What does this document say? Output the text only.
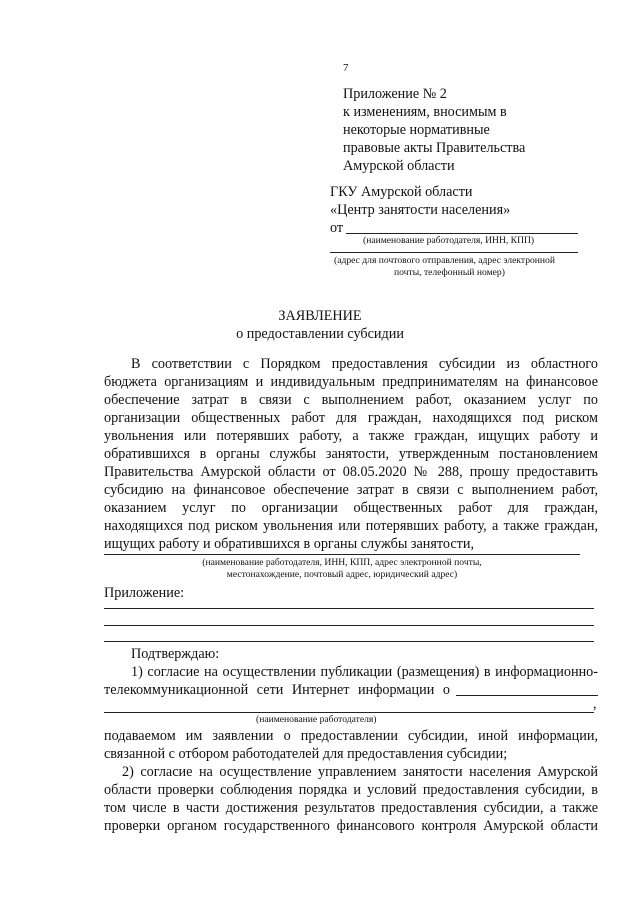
7
Приложение № 2
к изменениям, вносимым в
некоторые нормативные
правовые акты Правительства
Амурской области
ГКУ Амурской области
«Центр занятости населения»
от
(наименование работодателя, ИНН, КПП)
(адрес для почтового отправления, адрес электронной
почты, телефонный номер)
ЗАЯВЛЕНИЕ
о предоставлении субсидии
В соответствии с Порядком предоставления субсидии из областного
бюджета организациям и индивидуальным предпринимателям на финансовое
обеспечение затрат в связи с выполнением работ, оказанием услуг по
организации общественных работ для граждан, находящихся под риском
увольнения или потерявших работу, а также граждан, ищущих работу и
обратившихся в органы службы занятости, утвержденным постановлением
Правительства Амурской области от 08.05.2020 № 288, прошу предоставить
субсидию на финансовое обеспечение затрат в связи с выполнением работ,
оказанием услуг по организации общественных работ для граждан,
находящихся под риском увольнения или потерявших работу, а также граждан,
ищущих работу и обратившихся в органы службы занятости,
(наименование работодателя, ИНН, КПП, адрес электронной почты,
местонахождение, почтовый адрес, юридический адрес)
Приложение:
Подтверждаю:
1) согласие на осуществлении публикации (размещения) в информационно-
телекоммуникационной сети Интернет информации о
,
(наименование работодателя)
подаваемом им заявлении о предоставлении субсидии, иной информации,
связанной с отбором работодателей для предоставления субсидии;
2) согласие на осуществление управлением занятости населения Амурской
области проверки соблюдения порядка и условий предоставления субсидии, в
том числе в части достижения результатов предоставления субсидии, а также
проверки органом государственного финансового контроля Амурской области
